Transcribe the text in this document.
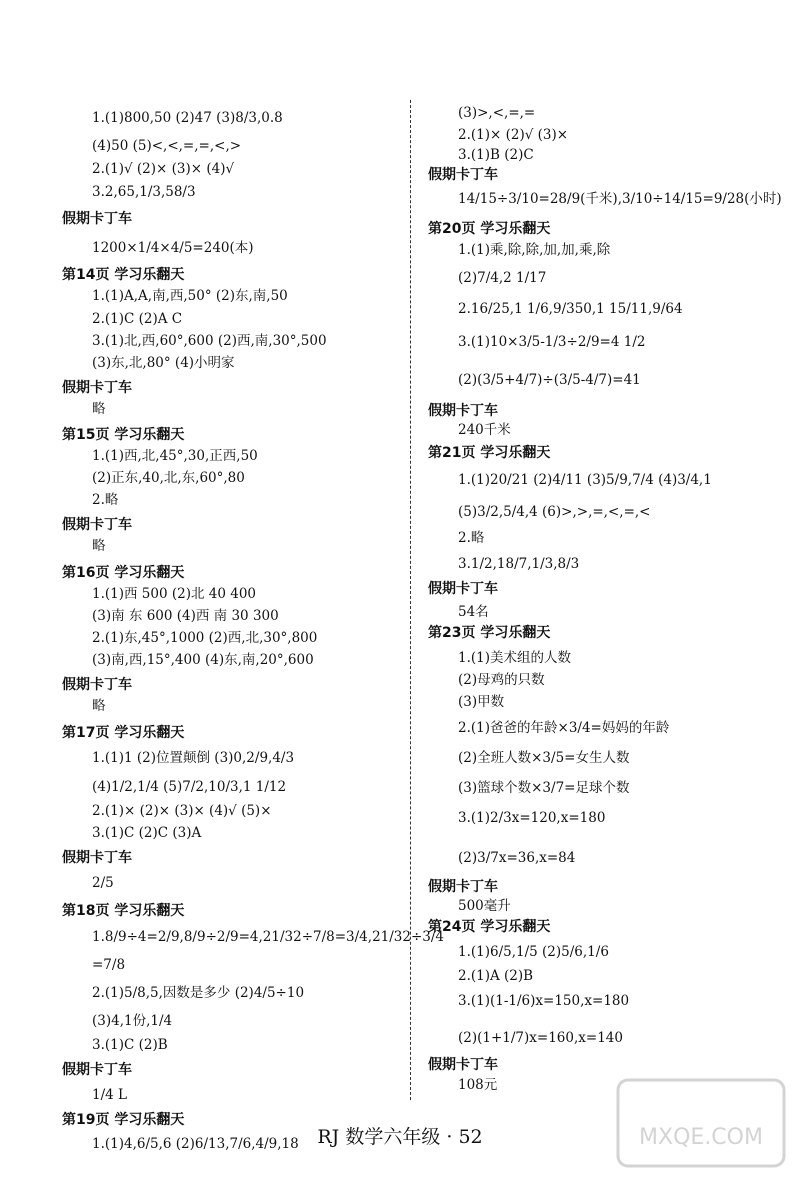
1.(1)800,50 (2)47 (3)8/3,0.8
(4)50 (5)<,<,=,=,<,>
2.(1)√ (2)× (3)× (4)√
3.2,65,1/3,58/3
假期卡丁车
1200×1/4×4/5=240(本)
第14页 学习乐翻天
1.(1)A,A,南,西,50° (2)东,南,50
2.(1)C (2)A C
3.(1)北,西,60°,600 (2)西,南,30°,500
(3)东,北,80° (4)小明家
假期卡丁车
略
第15页 学习乐翻天
1.(1)西,北,45°,30,正西,50
(2)正东,40,北,东,60°,80
2.略
假期卡丁车
略
第16页 学习乐翻天
1.(1)西 500 (2)北 40 400
(3)南 东 600 (4)西 南 30 300
2.(1)东,45°,1000 (2)西,北,30°,800
(3)南,西,15°,400 (4)东,南,20°,600
假期卡丁车
略
第17页 学习乐翻天
1.(1)1 (2)位置颠倒 (3)0,2/9,4/3
(4)1/2,1/4 (5)7/2,10/3,1 1/12
2.(1)× (2)× (3)× (4)√ (5)×
3.(1)C (2)C (3)A
假期卡丁车
2/5
第18页 学习乐翻天
1.8/9÷4=2/9,8/9÷2/9=4,21/32÷7/8=3/4,21/32÷3/4
=7/8
2.(1)5/8,5,因数是多少 (2)4/5÷10
(3)4,1份,1/4
3.(1)C (2)B
假期卡丁车
1/4 L
第19页 学习乐翻天
1.(1)4,6/5,6 (2)6/13,7/6,4/9,18
(3)>,<,=,=
2.(1)× (2)√ (3)×
3.(1)B (2)C
假期卡丁车
14/15÷3/10=28/9(千米),3/10÷14/15=9/28(小时)
第20页 学习乐翻天
1.(1)乘,除,除,加,加,乘,除
(2)7/4,2 1/17
2.16/25,1 1/6,9/350,1 15/11,9/64
3.(1)10×3/5-1/3÷2/9=4 1/2
(2)(3/5+4/7)÷(3/5-4/7)=41
假期卡丁车
240千米
第21页 学习乐翻天
1.(1)20/21 (2)4/11 (3)5/9,7/4 (4)3/4,1
(5)3/2,5/4,4 (6)>,>,=,<,=,<
2.略
3.1/2,18/7,1/3,8/3
假期卡丁车
54名
第23页 学习乐翻天
1.(1)美术组的人数
(2)母鸡的只数
(3)甲数
2.(1)爸爸的年龄×3/4=妈妈的年龄
(2)全班人数×3/5=女生人数
(3)篮球个数×3/7=足球个数
3.(1)2/3x=120,x=180
(2)3/7x=36,x=84
假期卡丁车
500毫升
第24页 学习乐翻天
1.(1)6/5,1/5 (2)5/6,1/6
2.(1)A (2)B
3.(1)(1-1/6)x=150,x=180
(2)(1+1/7)x=160,x=140
假期卡丁车
108元
RJ 数学六年级 · 52	MXQE.COM
